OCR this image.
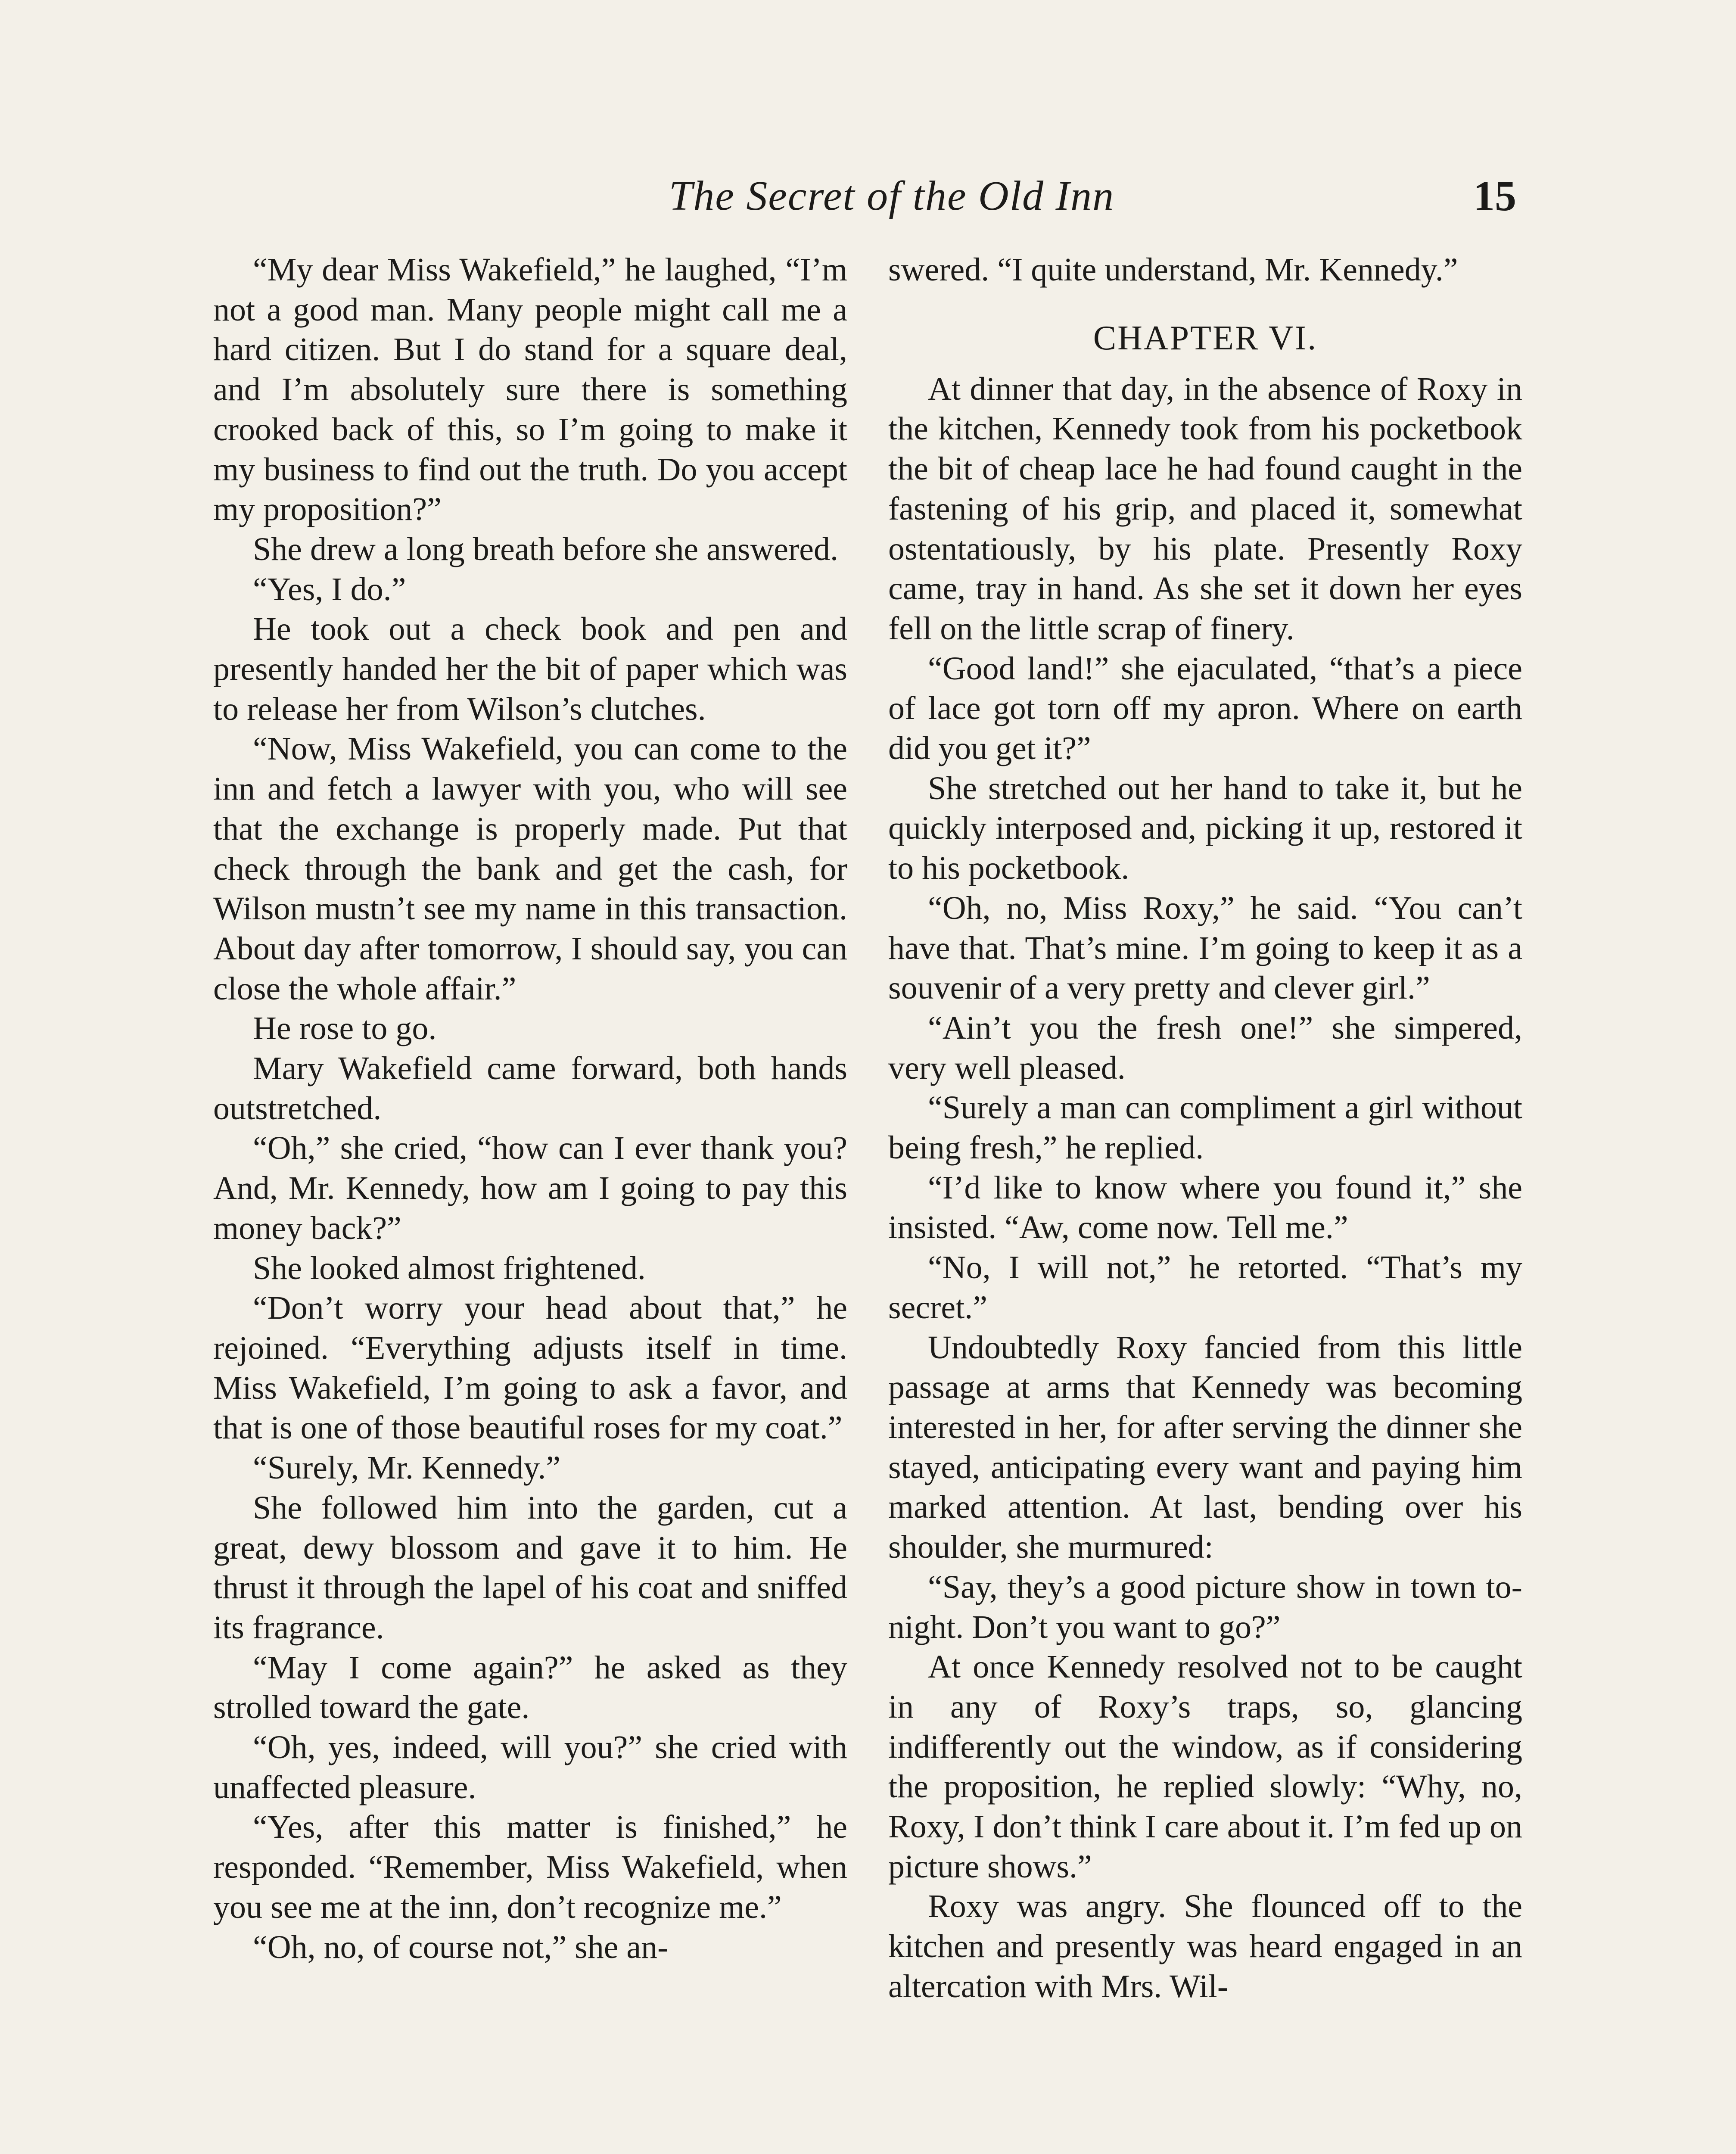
The Secret of the Old Inn	15

“My dear Miss Wakefield,” he laughed, “I’m not a good man. Many people might call me a hard citizen. But I do stand for a square deal, and I’m absolutely sure there is something crooked back of this, so I’m going to make it my business to find out the truth. Do you accept my proposition?”

She drew a long breath before she answered.

“Yes, I do.”

He took out a check book and pen and presently handed her the bit of paper which was to release her from Wilson’s clutches.

“Now, Miss Wakefield, you can come to the inn and fetch a lawyer with you, who will see that the exchange is properly made. Put that check through the bank and get the cash, for Wilson mustn’t see my name in this transaction. About day after tomorrow, I should say, you can close the whole affair.”

He rose to go.

Mary Wakefield came forward, both hands outstretched.

“Oh,” she cried, “how can I ever thank you? And, Mr. Kennedy, how am I going to pay this money back?”

She looked almost frightened.

“Don’t worry your head about that,” he rejoined. “Everything adjusts itself in time. Miss Wakefield, I’m going to ask a favor, and that is one of those beautiful roses for my coat.”

“Surely, Mr. Kennedy.”

She followed him into the garden, cut a great, dewy blossom and gave it to him. He thrust it through the lapel of his coat and sniffed its fragrance.

“May I come again?” he asked as they strolled toward the gate.

“Oh, yes, indeed, will you?” she cried with unaffected pleasure.

“Yes, after this matter is finished,” he responded. “Remember, Miss Wakefield, when you see me at the inn, don’t recognize me.”

“Oh, no, of course not,” she an-

swered. “I quite understand, Mr. Kennedy.”

CHAPTER VI.

At dinner that day, in the absence of Roxy in the kitchen, Kennedy took from his pocketbook the bit of cheap lace he had found caught in the fastening of his grip, and placed it, somewhat ostentatiously, by his plate. Presently Roxy came, tray in hand. As she set it down her eyes fell on the little scrap of finery.

“Good land!” she ejaculated, “that’s a piece of lace got torn off my apron. Where on earth did you get it?”

She stretched out her hand to take it, but he quickly interposed and, picking it up, restored it to his pocketbook.

“Oh, no, Miss Roxy,” he said. “You can’t have that. That’s mine. I’m going to keep it as a souvenir of a very pretty and clever girl.”

“Ain’t you the fresh one!” she simpered, very well pleased.

“Surely a man can compliment a girl without being fresh,” he replied.

“I’d like to know where you found it,” she insisted. “Aw, come now. Tell me.”

“No, I will not,” he retorted. “That’s my secret.”

Undoubtedly Roxy fancied from this little passage at arms that Kennedy was becoming interested in her, for after serving the dinner she stayed, anticipating every want and paying him marked attention. At last, bending over his shoulder, she murmured:

“Say, they’s a good picture show in town to-night. Don’t you want to go?”

At once Kennedy resolved not to be caught in any of Roxy’s traps, so, glancing indifferently out the window, as if considering the proposition, he replied slowly: “Why, no, Roxy, I don’t think I care about it. I’m fed up on picture shows.”

Roxy was angry. She flounced off to the kitchen and presently was heard engaged in an altercation with Mrs. Wil-
